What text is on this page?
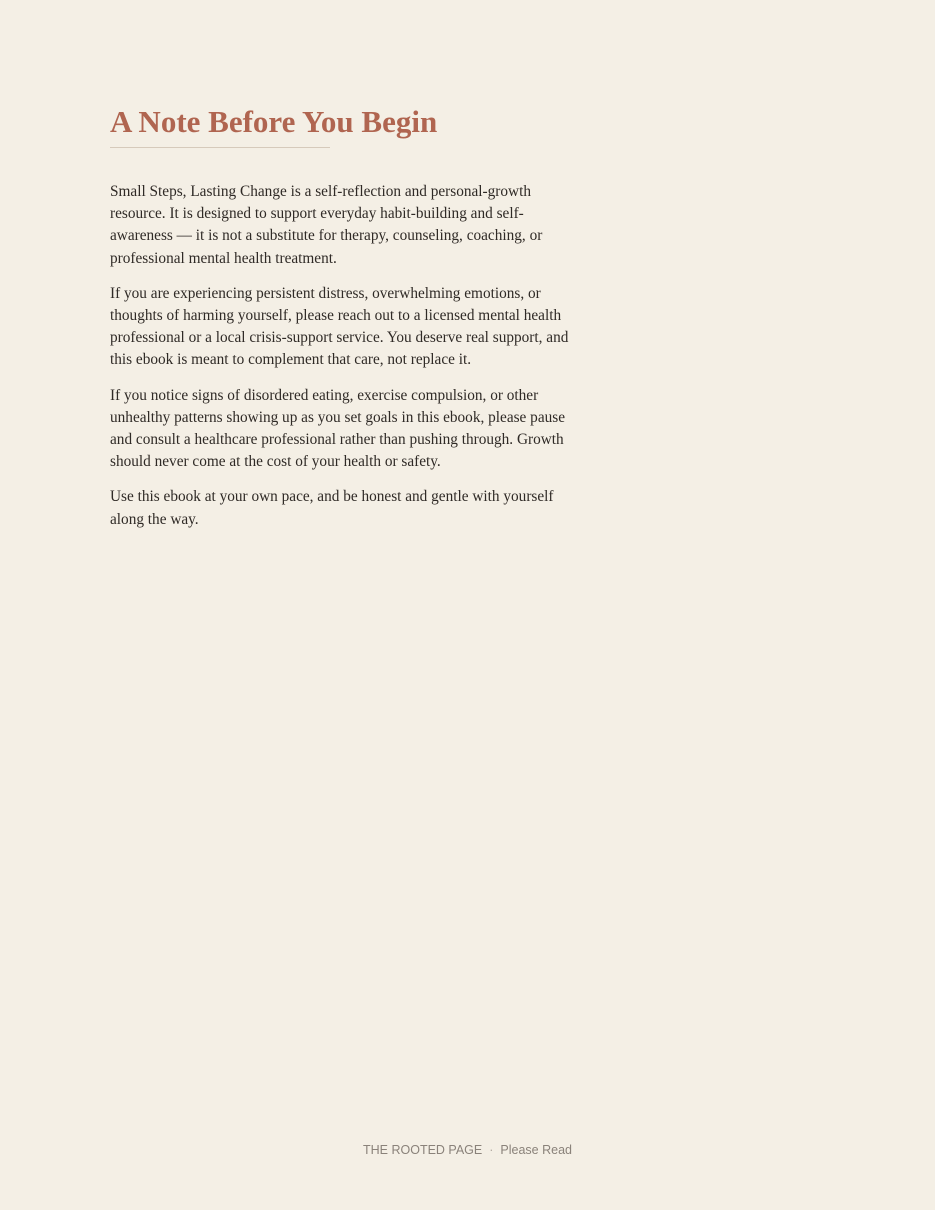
A Note Before You Begin

Small Steps, Lasting Change is a self-reflection and personal-growth resource. It is designed to support everyday habit-building and self-awareness — it is not a substitute for therapy, counseling, coaching, or professional mental health treatment.

If you are experiencing persistent distress, overwhelming emotions, or thoughts of harming yourself, please reach out to a licensed mental health professional or a local crisis-support service. You deserve real support, and this ebook is meant to complement that care, not replace it.

If you notice signs of disordered eating, exercise compulsion, or other unhealthy patterns showing up as you set goals in this ebook, please pause and consult a healthcare professional rather than pushing through. Growth should never come at the cost of your health or safety.

Use this ebook at your own pace, and be honest and gentle with yourself along the way.

THE ROOTED PAGE · Please Read
